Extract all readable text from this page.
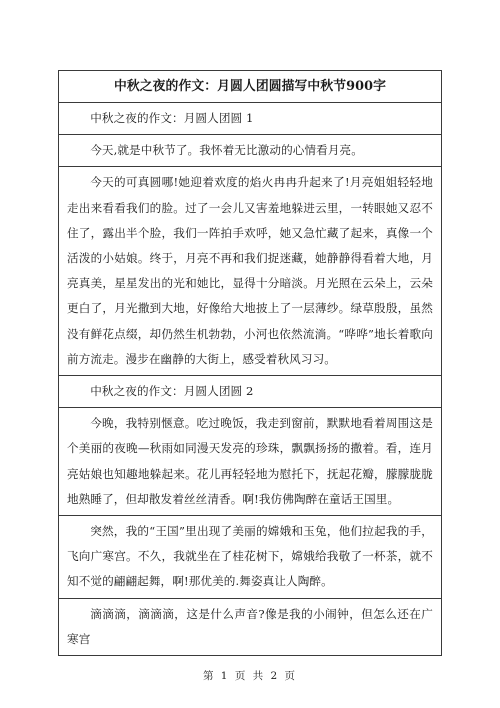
中秋之夜的作文：月圆人团圆描写中秋节900字

中秋之夜的作文：月圆人团圆 1

今天,就是中秋节了。我怀着无比激动的心情看月亮。

今天的可真圆哪!她迎着欢度的焰火冉冉升起来了!月亮姐姐轻轻地走出来看看我们的脸。过了一会儿又害羞地躲进云里，一转眼她又忍不住了，露出半个脸，我们一阵拍手欢呼，她又急忙藏了起来，真像一个活泼的小姑娘。终于，月亮不再和我们捉迷藏，她静静得看着大地，月亮真美，星星发出的光和她比，显得十分暗淡。月光照在云朵上，云朵更白了，月光撒到大地，好像给大地披上了一层薄纱。绿草殷殷，虽然没有鲜花点缀，却仍然生机勃勃，小河也依然流淌。“哗哗”地长着歌向前方流走。漫步在幽静的大街上，感受着秋风习习。

中秋之夜的作文：月圆人团圆 2

今晚，我特别惬意。吃过晚饭，我走到窗前，默默地看着周围这是个美丽的夜晚—秋雨如同漫天发亮的珍珠，飘飘扬扬的撒着。看，连月亮姑娘也知趣地躲起来。花儿再轻轻地为慰托下，抚起花瓣，朦朦胧胧地熟睡了，但却散发着丝丝清香。啊!我仿佛陶醉在童话王国里。

突然，我的“王国”里出现了美丽的嫦娥和玉兔，他们拉起我的手，飞向广寒宫。不久，我就坐在了桂花树下，嫦娥给我敬了一杯茶，就不知不觉的翩翩起舞，啊!那优美的.舞姿真让人陶醉。

滴滴滴，滴滴滴，这是什么声音?像是我的小闹钟，但怎么还在广寒宫

第 1 页 共 2 页
